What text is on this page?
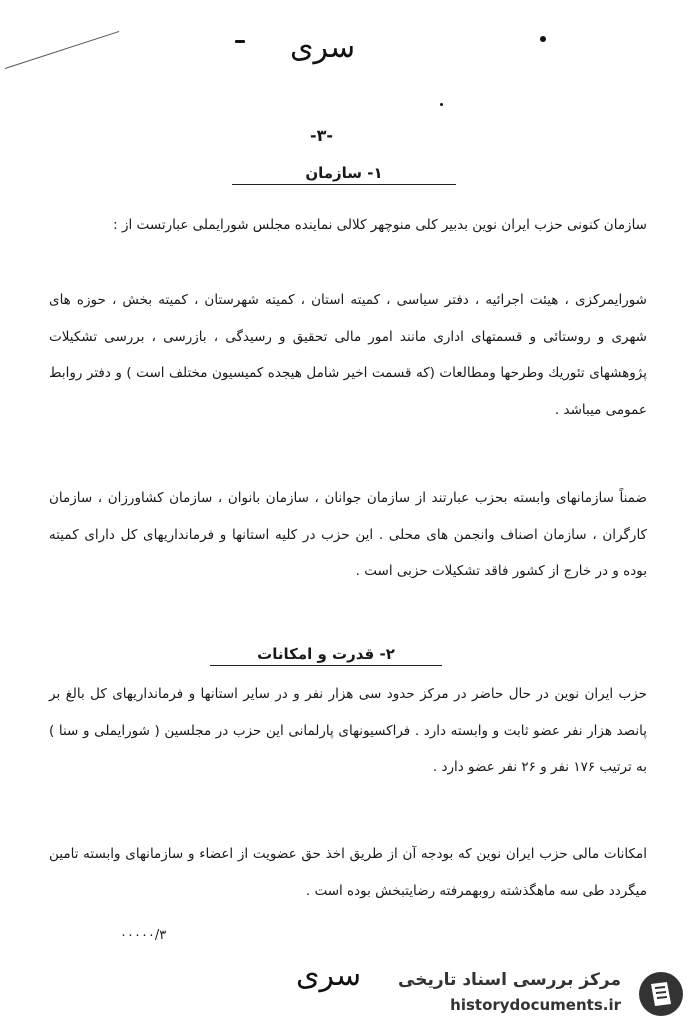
سری
-۳-
۱- سازمان
سازمان کنونی حزب ایران نوین بدبیر کلی منوچهر کلالی نماینده مجلس شورایملی عبارتست از :
شورایمرکزی ، هیئت اجرائیه ، دفتر سیاسی ، کمیته استان ، کمیته شهرستان ، کمیته بخش ، حوزه های شهری و روستائی و قسمتهای اداری مانند امور مالی تحقیق و رسیدگی ، بازرسی ، بررسی تشکیلات پژوهشهای تئوریك وطرحها ومطالعات (که قسمت اخیر شامل هیجده کمیسیون مختلف است ) و دفتر روابط عمومی میباشد .
ضمناً سازمانهای وابسته بحزب عبارتند از سازمان جوانان ، سازمان بانوان ، سازمان کشاورزان ، سازمان کارگران ، سازمان اصناف وانجمن های محلی . این حزب در کلیه استانها و فرمانداریهای کل دارای کمیته بوده و در خارج از کشور فاقد تشکیلات حزبی است .
۲- قدرت و امکانات
حزب ایران نوین در حال حاضر در مرکز حدود سی هزار نفر و در سایر استانها و فرمانداریهای کل بالغ بر پانصد هزار نفر عضو ثابت و وابسته دارد . فراکسیونهای پارلمانی این حزب در مجلسین ( شورایملی و سنا ) به ترتیب ۱۷۶ نفر و ۲۶ نفر عضو دارد .
امکانات مالی حزب ایران نوین که بودجه آن از طریق اخذ حق عضویت از اعضاء و سازمانهای وابسته تامین میگردد طی سه ماهگذشته روبهمرفته رضایتبخش بوده است .
۰۰۰۰۰/۳
سری مرکز بررسی اسناد تاریخی
historydocuments.ir
